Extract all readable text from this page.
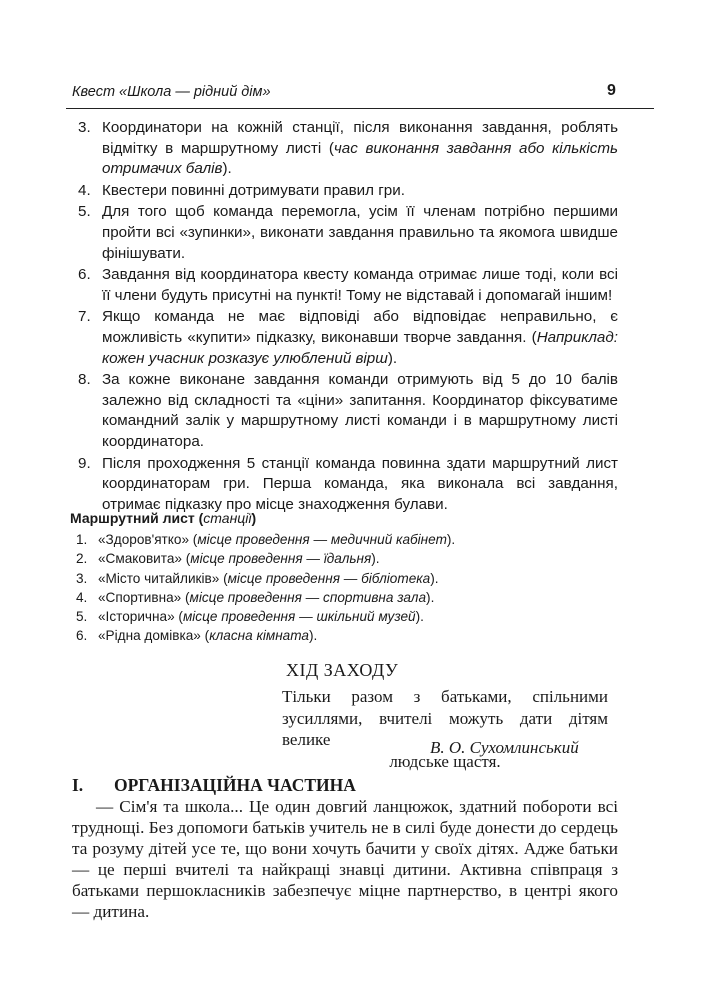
Квест «Школа — рідний дім»	9
3. Координатори на кожній станції, після виконання завдання, роблять відмітку в маршрутному листі (час виконання завдання або кількість отримачих балів).
4. Квестери повинні дотримувати правил гри.
5. Для того щоб команда перемогла, усім її членам потрібно першими пройти всі «зупинки», виконати завдання правильно та якомога швидше фінішувати.
6. Завдання від координатора квесту команда отримає лише тоді, коли всі її члени будуть присутні на пункті! Тому не відставай і допомагай іншим!
7. Якщо команда не має відповіді або відповідає неправильно, є можливість «купити» підказку, виконавши творче завдання. (Наприклад: кожен учасник розказує улюблений вірш).
8. За кожне виконане завдання команди отримують від 5 до 10 балів залежно від складності та «ціни» запитання. Координатор фіксуватиме командний залік у маршрутному листі команди і в маршрутному листі координатора.
9. Після проходження 5 станції команда повинна здати маршрутний лист координаторам гри. Перша команда, яка виконала всі завдання, отримає підказку про місце знаходження булави.
Маршрутний лист (станції)
1. «Здоров'ятко» (місце проведення — медичний кабінет).
2. «Смаковита» (місце проведення — їдальня).
3. «Місто читайликів» (місце проведення — бібліотека).
4. «Спортивна» (місце проведення — спортивна зала).
5. «Історична» (місце проведення — шкільний музей).
6. «Рідна домівка» (класна кімната).
ХІД ЗАХОДУ
Тільки разом з батьками, спільними зусиллями, вчителі можуть дати дітям велике
людське щастя.
В. О. Сухомлинський
I. ОРГАНІЗАЦІЙНА ЧАСТИНА

— Сім'я та школа... Це один довгий ланцюжок, здатний побороти всі труднощі. Без допомоги батьків учитель не в силі буде донести до сердець та розуму дітей усе те, що вони хочуть бачити у своїх дітях. Адже батьки — це перші вчителі та найкращі знавці дитини. Активна співпраця з батьками першокласників забезпечує міцне партнерство, в центрі якого — дитина.
